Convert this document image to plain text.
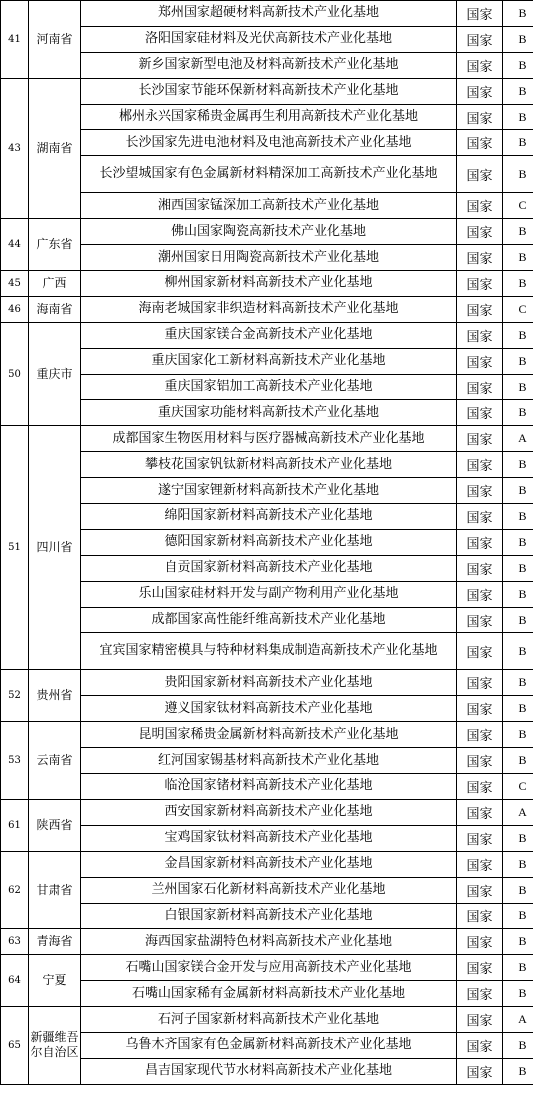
41	河南省	郑州国家超硬材料高新技术产业化基地	国家	B
		洛阳国家硅材料及光伏高新技术产业化基地	国家	B
		新乡国家新型电池及材料高新技术产业化基地	国家	B
43	湖南省	长沙国家节能环保新材料高新技术产业化基地	国家	B
		郴州永兴国家稀贵金属再生利用高新技术产业化基地	国家	B
		长沙国家先进电池材料及电池高新技术产业化基地	国家	B
		长沙望城国家有色金属新材料精深加工高新技术产业化基地	国家	B
		湘西国家锰深加工高新技术产业化基地	国家	C
44	广东省	佛山国家陶瓷高新技术产业化基地	国家	B
		潮州国家日用陶瓷高新技术产业化基地	国家	B
45	广西	柳州国家新材料高新技术产业化基地	国家	B
46	海南省	海南老城国家非织造材料高新技术产业化基地	国家	C
50	重庆市	重庆国家镁合金高新技术产业化基地	国家	B
		重庆国家化工新材料高新技术产业化基地	国家	B
		重庆国家铝加工高新技术产业化基地	国家	B
		重庆国家功能材料高新技术产业化基地	国家	B
51	四川省	成都国家生物医用材料与医疗器械高新技术产业化基地	国家	A
		攀枝花国家钒钛新材料高新技术产业化基地	国家	B
		遂宁国家锂新材料高新技术产业化基地	国家	B
		绵阳国家新材料高新技术产业化基地	国家	B
		德阳国家新材料高新技术产业化基地	国家	B
		自贡国家新材料高新技术产业化基地	国家	B
		乐山国家硅材料开发与副产物利用产业化基地	国家	B
		成都国家高性能纤维高新技术产业化基地	国家	B
		宜宾国家精密模具与特种材料集成制造高新技术产业化基地	国家	B
52	贵州省	贵阳国家新材料高新技术产业化基地	国家	B
		遵义国家钛材料高新技术产业化基地	国家	B
53	云南省	昆明国家稀贵金属新材料高新技术产业化基地	国家	B
		红河国家锡基材料高新技术产业化基地	国家	B
		临沧国家锗材料高新技术产业化基地	国家	C
61	陕西省	西安国家新材料高新技术产业化基地	国家	A
		宝鸡国家钛材料高新技术产业化基地	国家	B
62	甘肃省	金昌国家新材料高新技术产业化基地	国家	B
		兰州国家石化新材料高新技术产业化基地	国家	B
		白银国家新材料高新技术产业化基地	国家	B
63	青海省	海西国家盐湖特色材料高新技术产业化基地	国家	B
64	宁夏	石嘴山国家镁合金开发与应用高新技术产业化基地	国家	B
		石嘴山国家稀有金属新材料高新技术产业化基地	国家	B
65	新疆维吾尔自治区	石河子国家新材料高新技术产业化基地	国家	A
		乌鲁木齐国家有色金属新材料高新技术产业化基地	国家	B
		昌吉国家现代节水材料高新技术产业化基地	国家	B
